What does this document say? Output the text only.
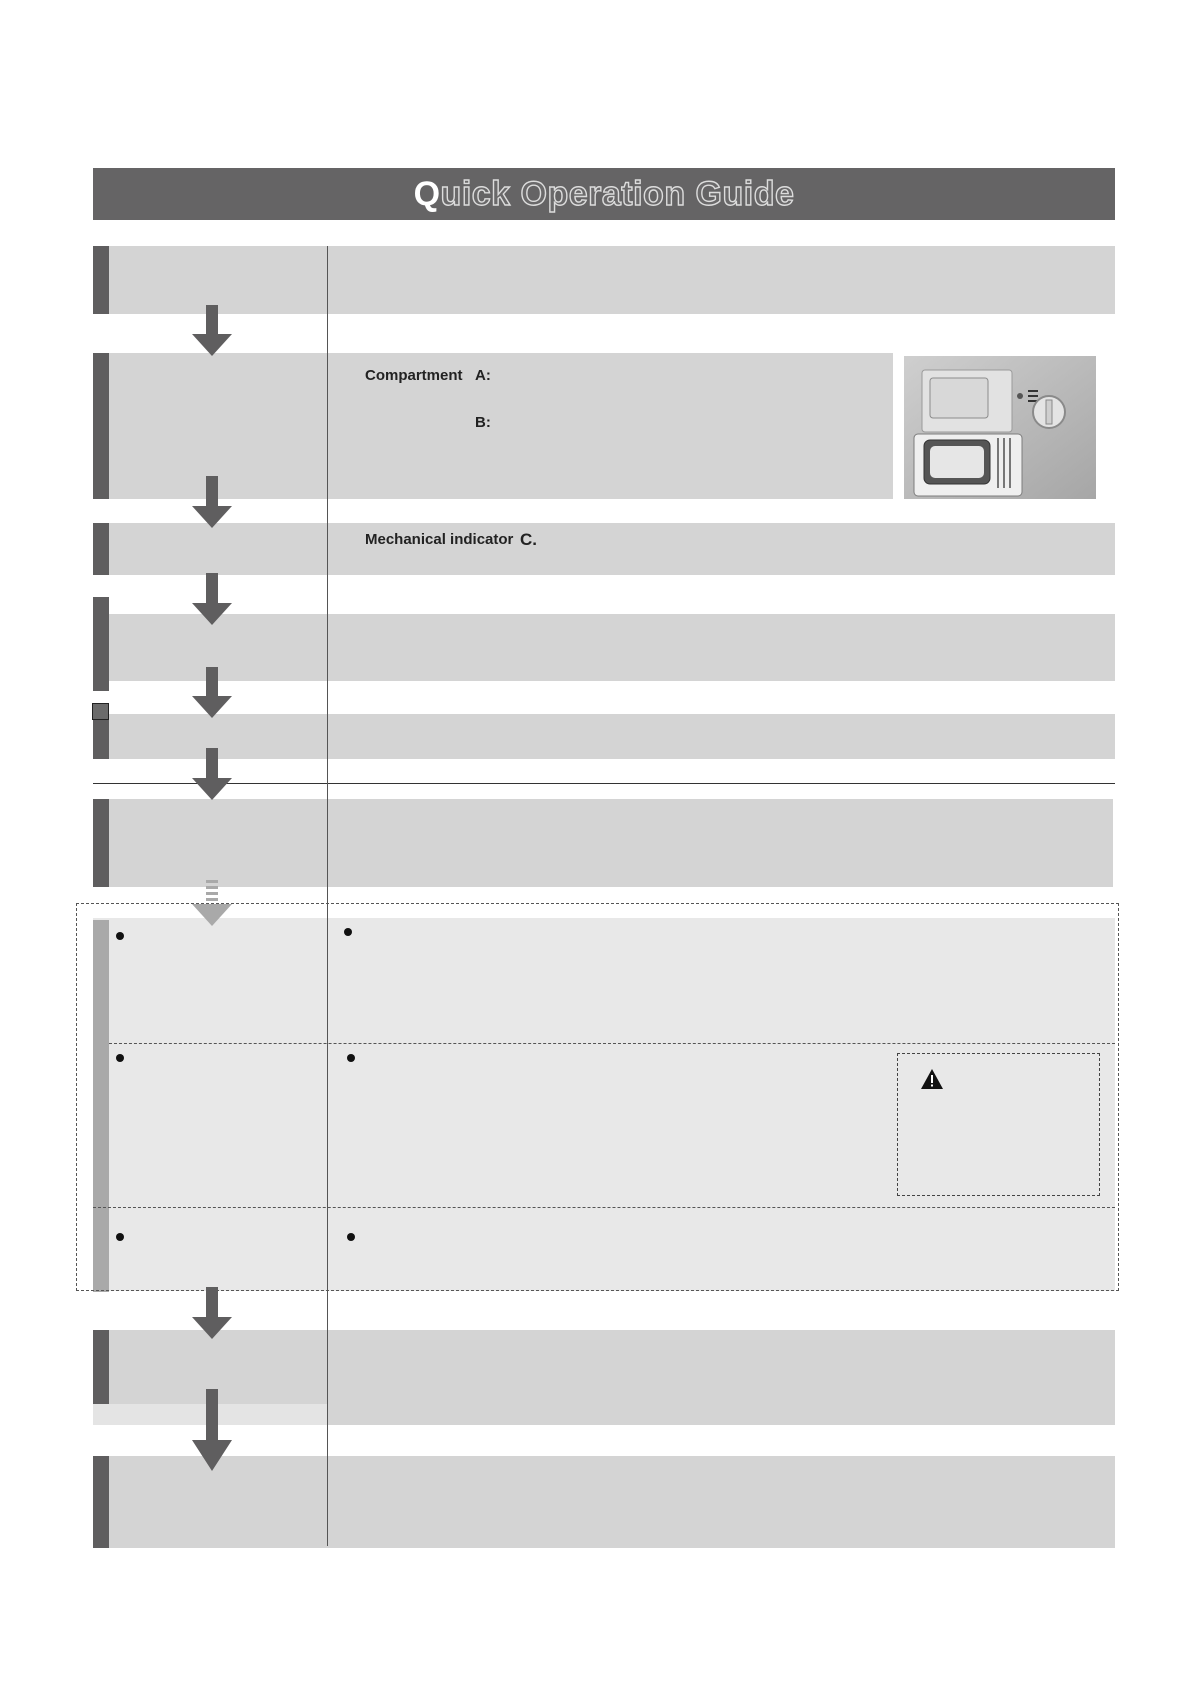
Quick Operation Guide
Compartment A:
B:
Mechanical indicator C.
